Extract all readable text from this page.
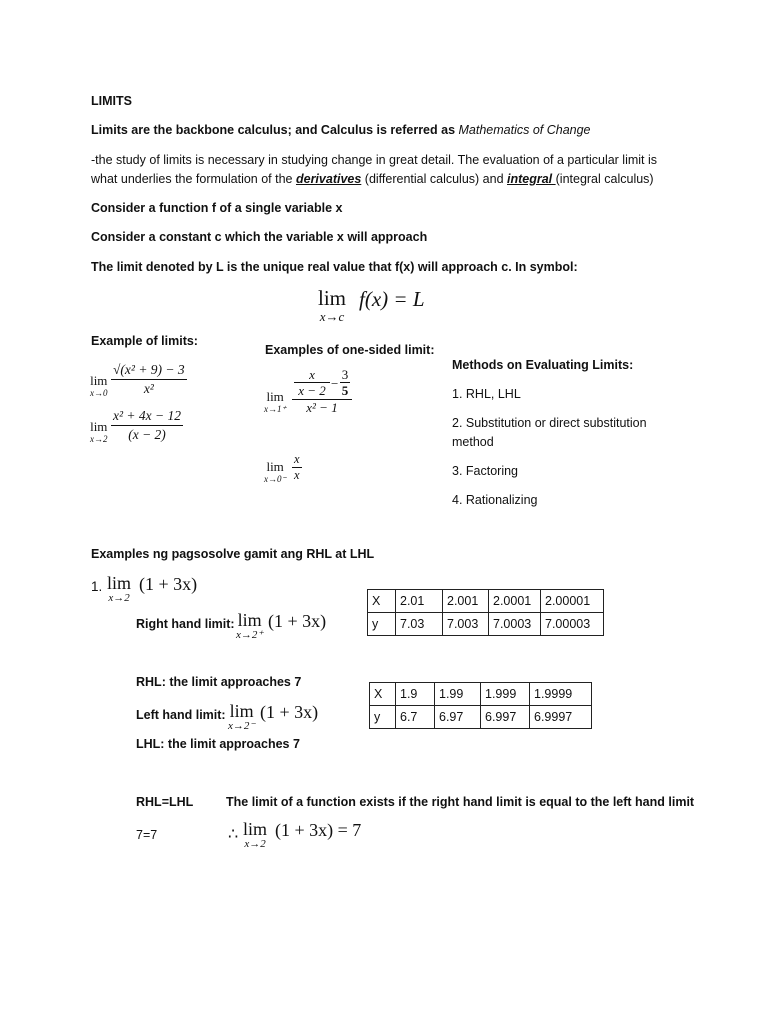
LIMITS
Limits are the backbone calculus; and Calculus is referred as Mathematics of Change
-the study of limits is necessary in studying change in great detail. The evaluation of a particular limit is
what underlies the formulation of the derivatives (differential calculus) and integral (integral calculus)
Consider a function f of a single variable x
Consider a constant c which the variable x will approach
The limit denoted by L is the unique real value that f(x) will approach c. In symbol:
lim
x→c
f(x) = L
Example of limits:
lim
$x\to 0 \frac{\text{√(x² + 9) − 3}}{\text{x²}}$
lim
$x\to 2 \frac{\text{x² + 4x − 12}}{(x - 2)}$
Examples of one-sided limit:
lim
x→1⁺
x
x − 2 −
3
5
x² − 1
lim
$x\to 0^- \frac{x}{x}$
Methods on Evaluating Limits:
1. RHL, LHL
2. Substitution or direct substitution
method
3. Factoring
4. Rationalizing
Examples ng pagsosolve gamit ang RHL at LHL
1. lim
x→2
(1 + 3x)
Right hand limit: lim
x→2⁺
(1 + 3x)
X	2.01	2.001	2.0001	2.00001
y	7.03	7.003	7.0003	7.00003
RHL: the limit approaches 7
X	1.9	1.99	1.999	1.9999
y	6.7	6.97	6.997	6.9997
Left hand limit: lim
x→2⁻
(1 + 3x)
LHL: the limit approaches 7
RHL=LHL	The limit of a function exists if the right hand limit is equal to the left hand limit
7=7	∴ lim
x→2
(1 + 3x) = 7
